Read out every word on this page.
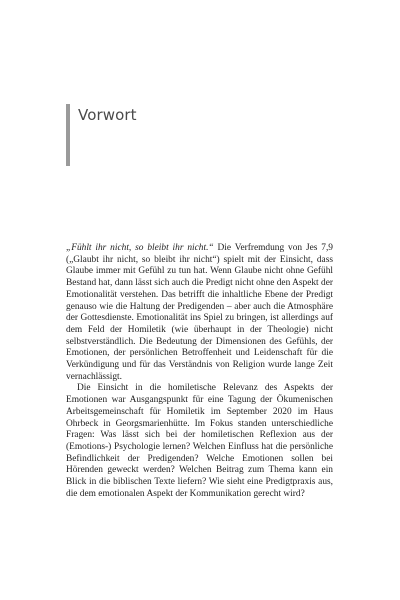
Vorwort

„Fühlt ihr nicht, so bleibt ihr nicht.“ Die Verfremdung von Jes 7,9 („Glaubt ihr nicht, so bleibt ihr nicht“) spielt mit der Einsicht, dass Glaube immer mit Gefühl zu tun hat. Wenn Glaube nicht ohne Gefühl Bestand hat, dann lässt sich auch die Predigt nicht ohne den Aspekt der Emotionalität verstehen. Das betrifft die inhaltliche Ebene der Predigt genauso wie die Haltung der Predigenden – aber auch die Atmosphäre der Gottesdienste. Emotionalität ins Spiel zu bringen, ist allerdings auf dem Feld der Homiletik (wie überhaupt in der Theologie) nicht selbstverständlich. Die Bedeutung der Dimensionen des Gefühls, der Emotionen, der persönlichen Betroffenheit und Leidenschaft für die Verkündigung und für das Verständnis von Religion wurde lange Zeit vernachlässigt.

Die Einsicht in die homiletische Relevanz des Aspekts der Emotionen war Ausgangspunkt für eine Tagung der Ökumenischen Arbeitsgemeinschaft für Homiletik im September 2020 im Haus Ohrbeck in Georgsmarienhütte. Im Fokus standen unterschiedliche Fragen: Was lässt sich bei der homiletischen Reflexion aus der (Emotions-) Psychologie lernen? Welchen Einfluss hat die persönliche Befindlichkeit der Predigenden? Welche Emotionen sollen bei Hörenden geweckt werden? Welchen Beitrag zum Thema kann ein Blick in die biblischen Texte liefern? Wie sieht eine Predigtpraxis aus, die dem emotionalen Aspekt der Kommunikation gerecht wird?
